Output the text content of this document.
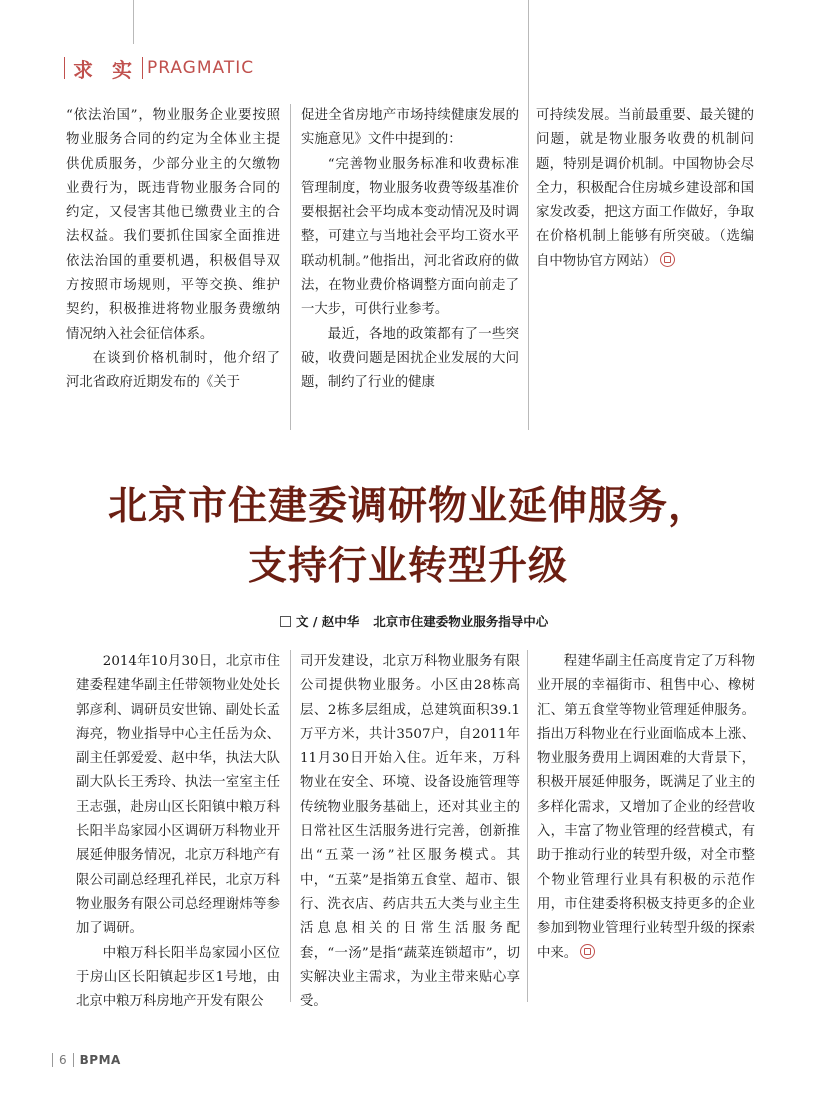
求 实 PRAGMATIC

“依法治国”，物业服务企业要按照物业服务合同的约定为全体业主提供优质服务，少部分业主的欠缴物业费行为，既违背物业服务合同的约定，又侵害其他已缴费业主的合法权益。我们要抓住国家全面推进依法治国的重要机遇，积极倡导双方按照市场规则，平等交换、维护契约，积极推进将物业服务费缴纳情况纳入社会征信体系。

在谈到价格机制时，他介绍了河北省政府近期发布的《关于

促进全省房地产市场持续健康发展的实施意见》文件中提到的：

“完善物业服务标准和收费标准管理制度，物业服务收费等级基准价要根据社会平均成本变动情况及时调整，可建立与当地社会平均工资水平联动机制。”他指出，河北省政府的做法，在物业费价格调整方面向前走了一大步，可供行业参考。

最近，各地的政策都有了一些突破，收费问题是困扰企业发展的大问题，制约了行业的健康

可持续发展。当前最重要、最关键的问题，就是物业服务收费的机制问题，特别是调价机制。中国物协会尽全力，积极配合住房城乡建设部和国家发改委，把这方面工作做好，争取在价格机制上能够有所突破。（选编自中物协官方网站）

北京市住建委调研物业延伸服务，
支持行业转型升级
文 / 赵中华 北京市住建委物业服务指导中心

2014年10月30日，北京市住建委程建华副主任带领物业处处长郭彦利、调研员安世锦、副处长孟海亮，物业指导中心主任岳为众、副主任郭爱爱、赵中华，执法大队副大队长王秀玲、执法一室室主任王志强，赴房山区长阳镇中粮万科长阳半岛家园小区调研万科物业开展延伸服务情况，北京万科地产有限公司副总经理孔祥民，北京万科物业服务有限公司总经理谢炜等参加了调研。

中粮万科长阳半岛家园小区位于房山区长阳镇起步区1号地，由北京中粮万科房地产开发有限公

司开发建设，北京万科物业服务有限公司提供物业服务。小区由28栋高层、2栋多层组成，总建筑面积39.1万平方米，共计3507户，自2011年11月30日开始入住。近年来，万科物业在安全、环境、设备设施管理等传统物业服务基础上，还对其业主的日常社区生活服务进行完善，创新推出“五菜一汤”社区服务模式。其中，“五菜”是指第五食堂、超市、银行、洗衣店、药店共五大类与业主生活息息相关的日常生活服务配套，“一汤”是指“蔬菜连锁超市”，切实解决业主需求，为业主带来贴心享受。

程建华副主任高度肯定了万科物业开展的幸福街市、租售中心、橡树汇、第五食堂等物业管理延伸服务。指出万科物业在行业面临成本上涨、物业服务费用上调困难的大背景下，积极开展延伸服务，既满足了业主的多样化需求，又增加了企业的经营收入，丰富了物业管理的经营模式，有助于推动行业的转型升级，对全市整个物业管理行业具有积极的示范作用，市住建委将积极支持更多的企业参加到物业管理行业转型升级的探索中来。

6 BPMA
